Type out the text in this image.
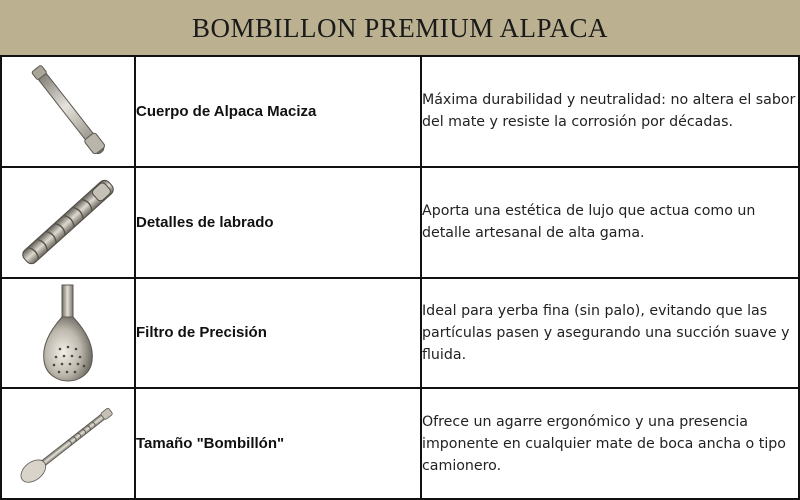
BOMBILLON PREMIUM ALPACA
	Cuerpo de Alpaca Maciza	Máxima durabilidad y neutralidad: no altera el sabor del mate y resiste la corrosión por décadas.

	Detalles de labrado	Aporta una estética de lujo que actua como un detalle artesanal de alta gama.

	Filtro de Precisión	Ideal para yerba fina (sin palo), evitando que las partículas pasen y asegurando una succión suave y fluida.

	Tamaño "Bombillón"	Ofrece un agarre ergonómico y una presencia imponente en cualquier mate de boca ancha o tipo camionero.
